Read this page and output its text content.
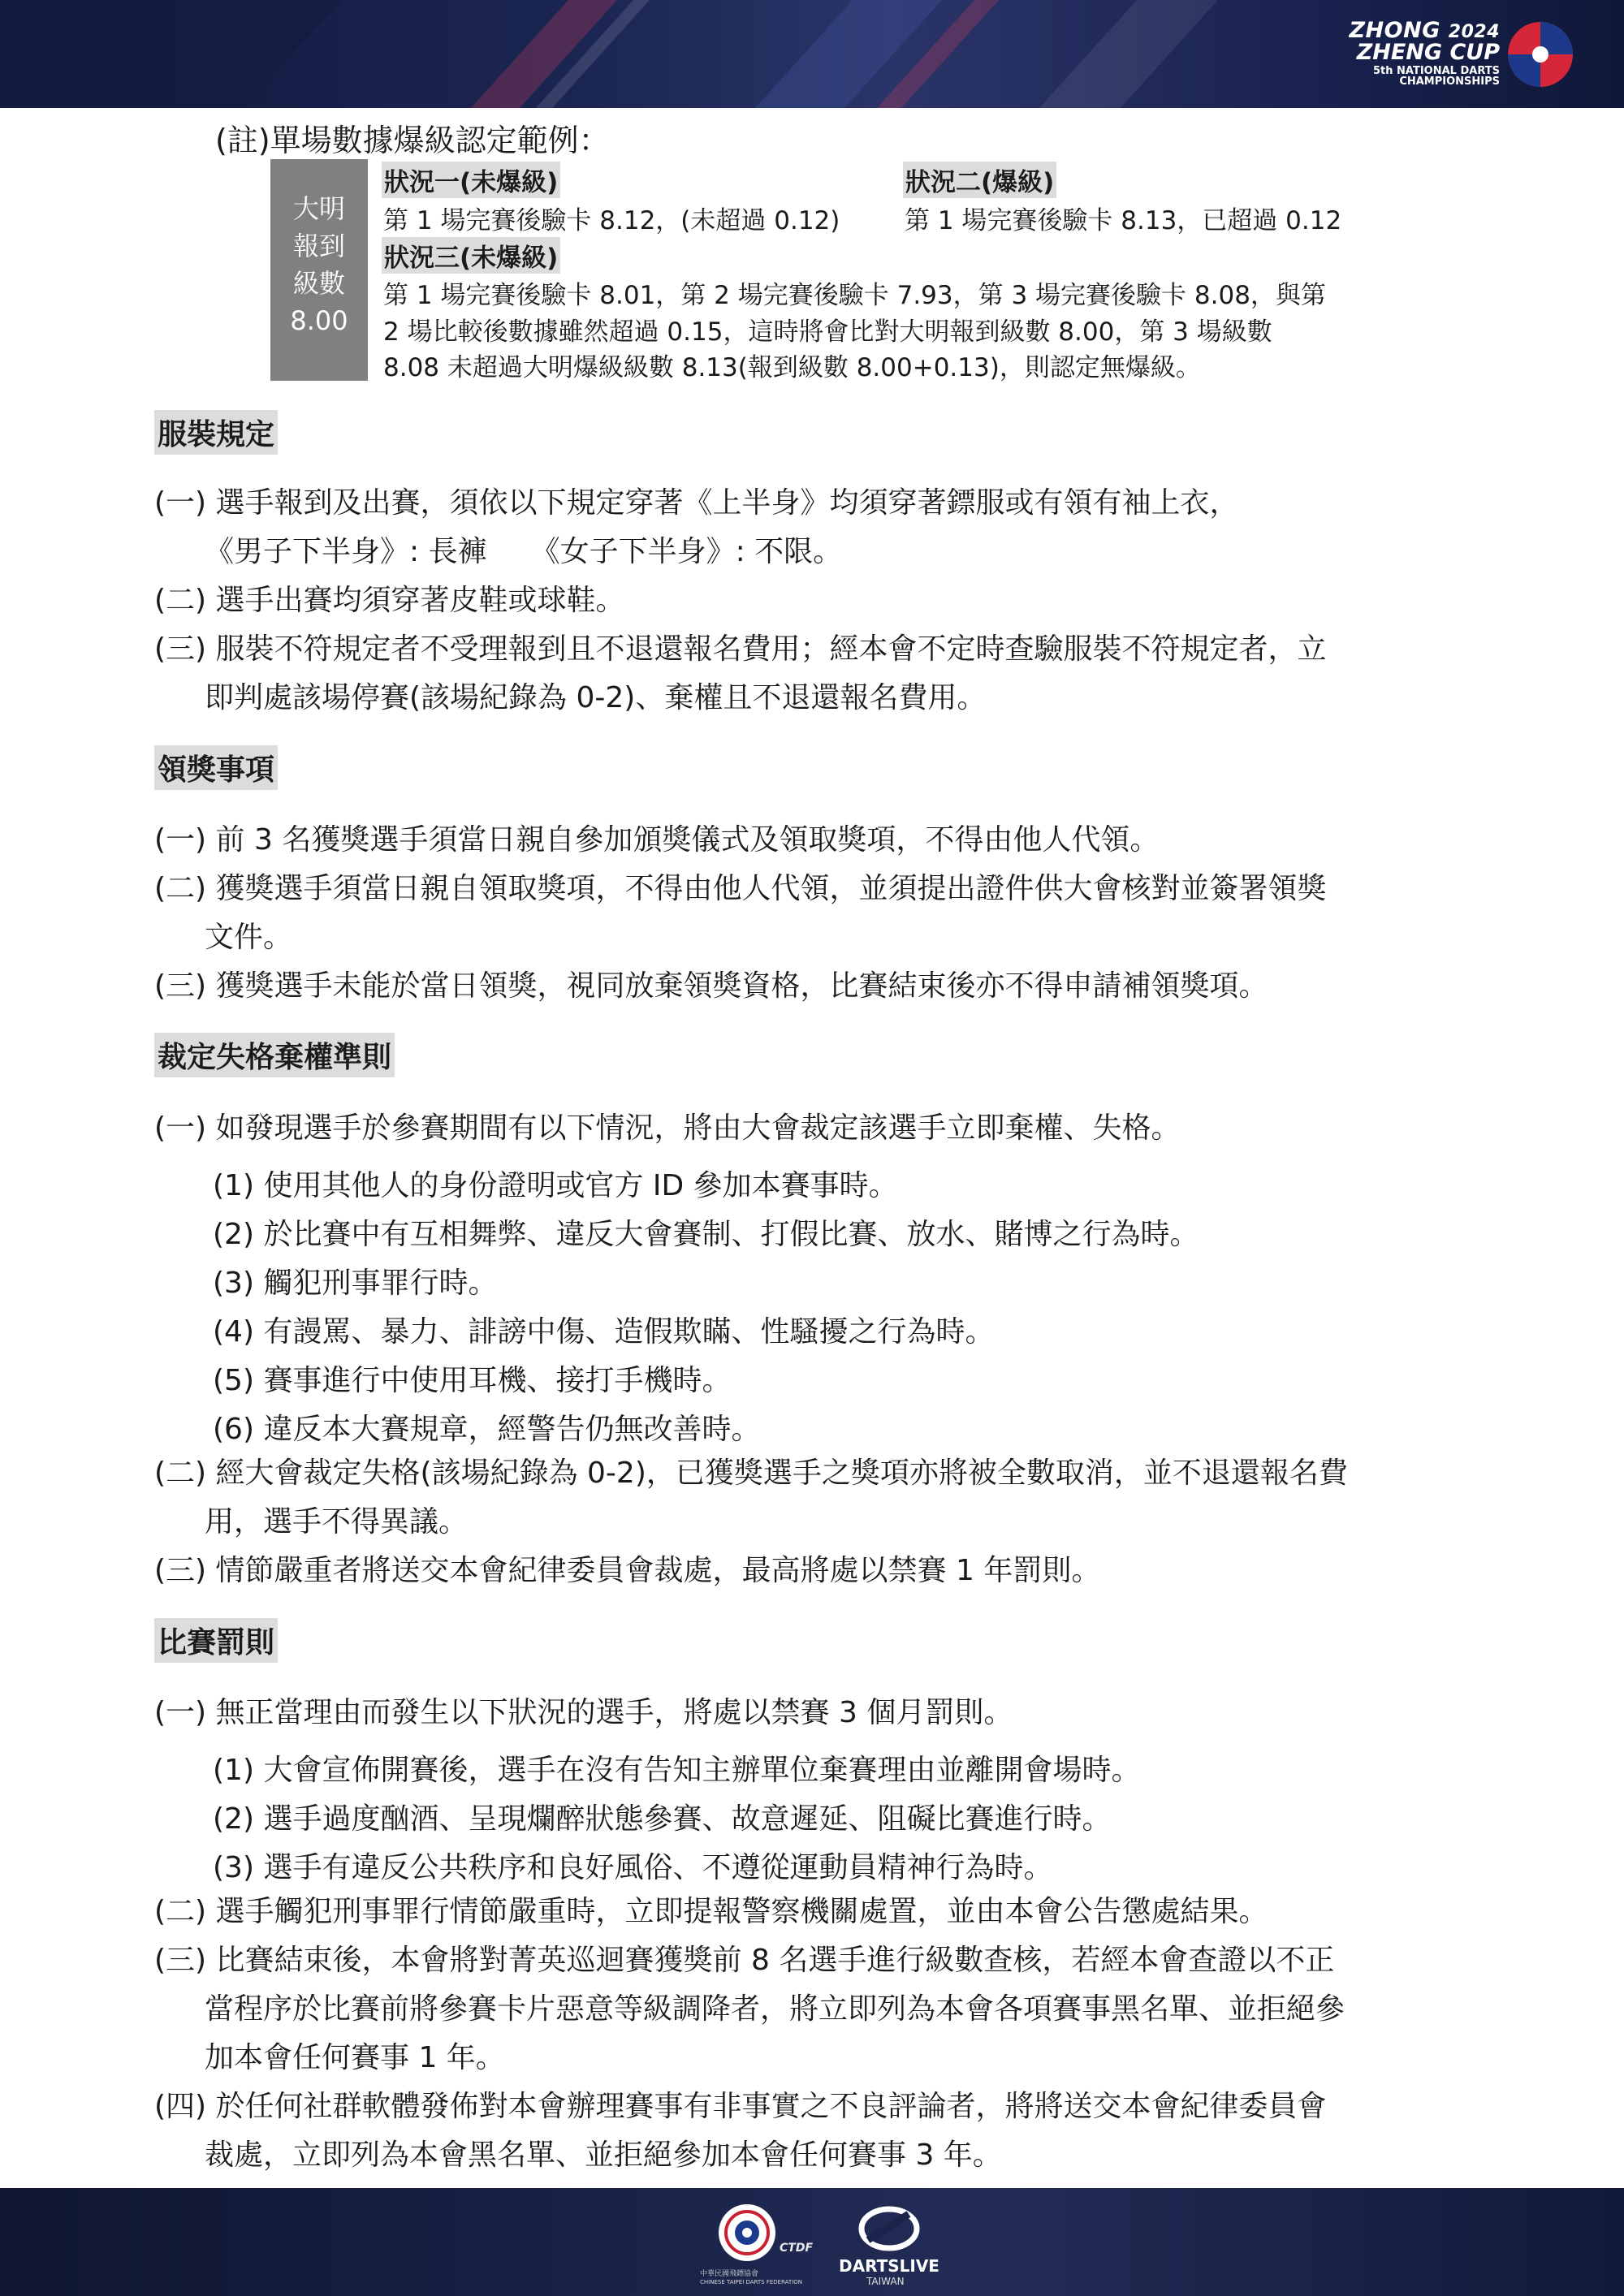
ZHONG 2024
ZHENG CUP
5th NATIONAL DARTS
CHAMPIONSHIPS
(註)單場數據爆級認定範例：
大明
報到
級數
8.00
狀況一(未爆級)
第 1 場完賽後驗卡 8.12，(未超過 0.12)
狀況二(爆級)
第 1 場完賽後驗卡 8.13，已超過 0.12
狀況三(未爆級)
第 1 場完賽後驗卡 8.01，第 2 場完賽後驗卡 7.93，第 3 場完賽後驗卡 8.08，與第
2 場比較後數據雖然超過 0.15，這時將會比對大明報到級數 8.00，第 3 場級數
8.08 未超過大明爆級級數 8.13(報到級數 8.00+0.13)，則認定無爆級。
服裝規定
(一) 選手報到及出賽，須依以下規定穿著《上半身》均須穿著鏢服或有領有袖上衣，
《男子下半身》: 長褲　　《女子下半身》: 不限。
(二) 選手出賽均須穿著皮鞋或球鞋。
(三) 服裝不符規定者不受理報到且不退還報名費用；經本會不定時查驗服裝不符規定者，立
即判處該場停賽(該場紀錄為 0-2)、棄權且不退還報名費用。
領獎事項
(一) 前 3 名獲獎選手須當日親自參加頒獎儀式及領取獎項，不得由他人代領。
(二) 獲獎選手須當日親自領取獎項，不得由他人代領，並須提出證件供大會核對並簽署領獎
文件。
(三) 獲獎選手未能於當日領獎，視同放棄領獎資格，比賽結束後亦不得申請補領獎項。
裁定失格棄權準則
(一) 如發現選手於參賽期間有以下情況，將由大會裁定該選手立即棄權、失格。
(1) 使用其他人的身份證明或官方 ID 參加本賽事時。
(2) 於比賽中有互相舞弊、違反大會賽制、打假比賽、放水、賭博之行為時。
(3) 觸犯刑事罪行時。
(4) 有謾罵、暴力、誹謗中傷、造假欺瞞、性騷擾之行為時。
(5) 賽事進行中使用耳機、接打手機時。
(6) 違反本大賽規章，經警告仍無改善時。
(二) 經大會裁定失格(該場紀錄為 0-2)，已獲獎選手之獎項亦將被全數取消，並不退還報名費
用，選手不得異議。
(三) 情節嚴重者將送交本會紀律委員會裁處，最高將處以禁賽 1 年罰則。
比賽罰則
(一) 無正當理由而發生以下狀況的選手，將處以禁賽 3 個月罰則。
(1) 大會宣佈開賽後，選手在沒有告知主辦單位棄賽理由並離開會場時。
(2) 選手過度酗酒、呈現爛醉狀態參賽、故意遲延、阻礙比賽進行時。
(3) 選手有違反公共秩序和良好風俗、不遵從運動員精神行為時。
(二) 選手觸犯刑事罪行情節嚴重時，立即提報警察機關處置，並由本會公告懲處結果。
(三) 比賽結束後，本會將對菁英巡迴賽獲獎前 8 名選手進行級數查核，若經本會查證以不正
當程序於比賽前將參賽卡片惡意等級調降者，將立即列為本會各項賽事黑名單、並拒絕參
加本會任何賽事 1 年。
(四) 於任何社群軟體發佈對本會辦理賽事有非事實之不良評論者，將將送交本會紀律委員會
裁處，立即列為本會黑名單、並拒絕參加本會任何賽事 3 年。
CTDF
中華民國飛鏢協會
CHINESE TAIPEI DARTS FEDERATION
DARTSLIVE
TAIWAN
